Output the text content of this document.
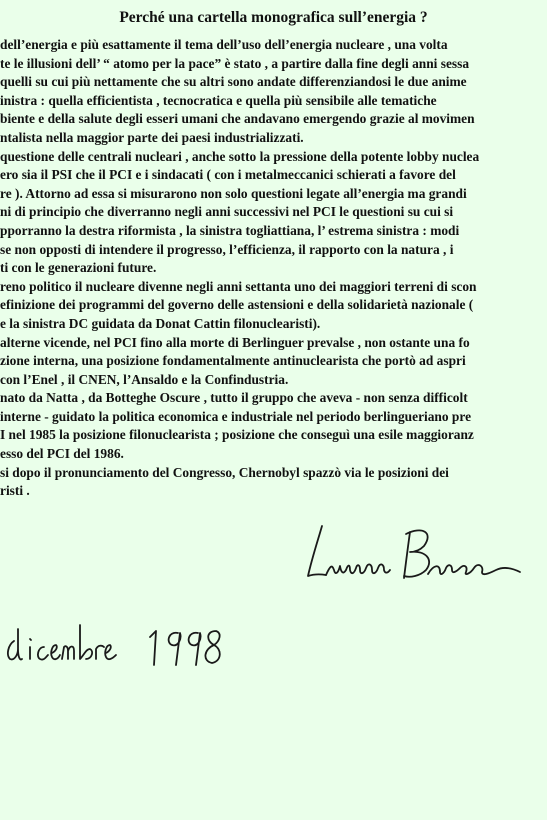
Perché una cartella monografica sull’energia ?
dell’energia e più esattamente il tema dell’uso dell’energia nucleare , una volta
te le illusioni dell’ “ atomo per la pace” è stato , a partire dalla fine degli anni sessa
quelli su cui più nettamente che su altri sono andate differenziandosi le due anime
inistra : quella efficientista , tecnocratica e quella più sensibile alle tematiche
biente e della salute degli esseri umani che andavano emergendo grazie al movimen
ntalista nella maggior parte dei paesi industrializzati.
questione delle centrali nucleari , anche sotto la pressione della potente lobby nuclea
ero sia il PSI che il PCI e i sindacati ( con i metalmeccanici schierati a favore del
re ). Attorno ad essa si misurarono non solo questioni legate all’energia ma grandi
ni di principio che diverranno negli anni successivi nel PCI le questioni su cui si
pporranno la destra riformista , la sinistra togliattiana, l’ estrema sinistra : modi
se non opposti di intendere il progresso, l’efficienza, il rapporto con la natura , i
ti con le generazioni future.
reno politico il nucleare divenne negli anni settanta uno dei maggiori terreni di scon
efinizione dei programmi del governo delle astensioni e della solidarietà nazionale (
e la sinistra DC guidata da Donat Cattin filonuclearisti).
alterne vicende, nel PCI fino alla morte di Berlinguer prevalse , non ostante una fo
zione interna, una posizione fondamentalmente antinuclearista che portò ad aspri
con l’Enel , il CNEN, l’Ansaldo e la Confindustria.
nato da Natta , da Botteghe Oscure , tutto il gruppo che aveva - non senza difficolt
interne - guidato la politica economica e industriale nel periodo berlingueriano pre
I nel 1985 la posizione filonuclearista ; posizione che conseguì una esile maggioranz
esso del PCI del 1986.
si dopo il pronunciamento del Congresso, Chernobyl spazzò via le posizioni dei
risti .
